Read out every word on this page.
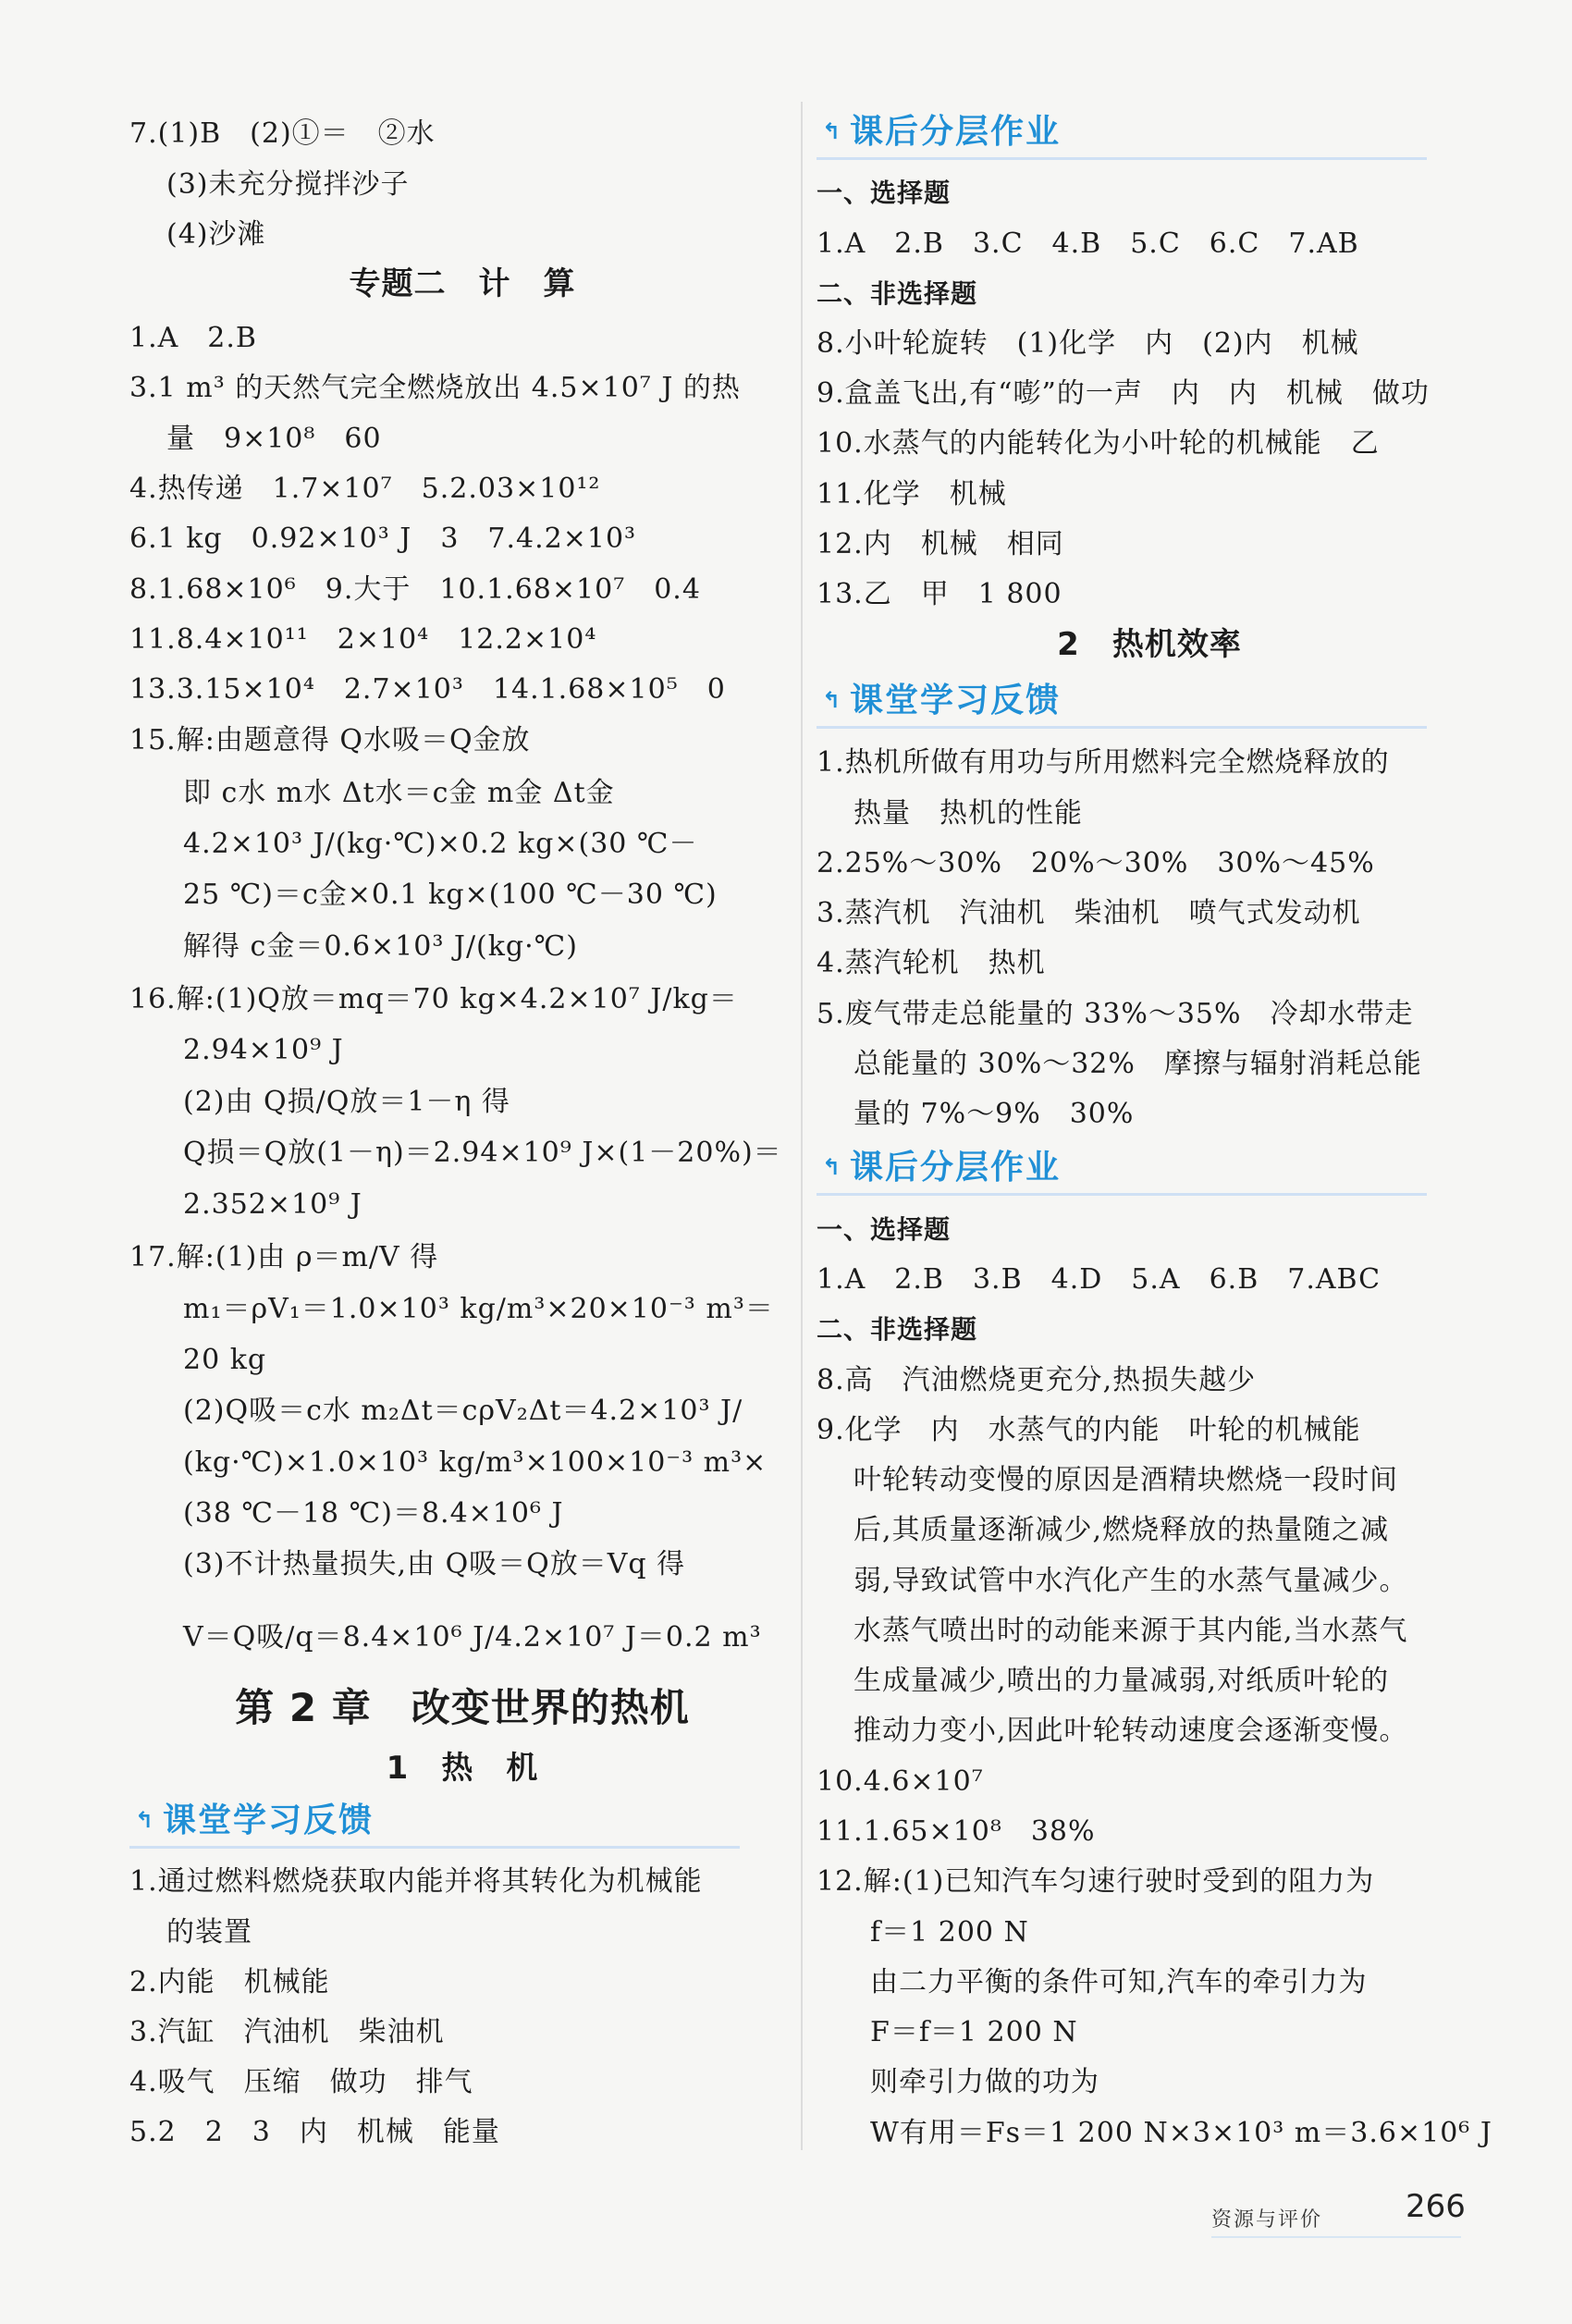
7.(1)B　(2)①＝　②水
(3)未充分搅拌沙子
(4)沙滩
专题二　计　算
1.A　2.B
3.1 m³ 的天然气完全燃烧放出 4.5×10⁷ J 的热
量　9×10⁸　60
4.热传递　1.7×10⁷　5.2.03×10¹²
6.1 kg　0.92×10³ J　3　7.4.2×10³
8.1.68×10⁶　9.大于　10.1.68×10⁷　0.4
11.8.4×10¹¹　2×10⁴　12.2×10⁴
13.3.15×10⁴　2.7×10³　14.1.68×10⁵　0
15.解:由题意得 Q水吸＝Q金放
即 c水 m水 Δt水＝c金 m金 Δt金
4.2×10³ J/(kg·℃)×0.2 kg×(30 ℃－
25 ℃)＝c金×0.1 kg×(100 ℃－30 ℃)
解得 c金＝0.6×10³ J/(kg·℃)
16.解:(1)Q放＝mq＝70 kg×4.2×10⁷ J/kg＝
2.94×10⁹ J
(2)由 Q损/Q放＝1－η 得
Q损＝Q放(1－η)＝2.94×10⁹ J×(1－20%)＝
2.352×10⁹ J
17.解:(1)由 ρ＝m/V 得
m₁＝ρV₁＝1.0×10³ kg/m³×20×10⁻³ m³＝
20 kg
(2)Q吸＝c水 m₂Δt＝cρV₂Δt＝4.2×10³ J/
(kg·℃)×1.0×10³ kg/m³×100×10⁻³ m³×
(38 ℃－18 ℃)＝8.4×10⁶ J
(3)不计热量损失,由 Q吸＝Q放＝Vq 得
V＝Q吸/q＝8.4×10⁶ J/4.2×10⁷ J＝0.2 m³
第 2 章　改变世界的热机
1　热　机
↰ 课堂学习反馈
1.通过燃料燃烧获取内能并将其转化为机械能
的装置
2.内能　机械能
3.汽缸　汽油机　柴油机
4.吸气　压缩　做功　排气
5.2　2　3　内　机械　能量
↰ 课后分层作业
一、选择题
1.A　2.B　3.C　4.B　5.C　6.C　7.AB
二、非选择题
8.小叶轮旋转　(1)化学　内　(2)内　机械
9.盒盖飞出,有“嘭”的一声　内　内　机械　做功
10.水蒸气的内能转化为小叶轮的机械能　乙
11.化学　机械
12.内　机械　相同
13.乙　甲　1 800
2　热机效率
↰ 课堂学习反馈
1.热机所做有用功与所用燃料完全燃烧释放的
热量　热机的性能
2.25%～30%　20%～30%　30%～45%
3.蒸汽机　汽油机　柴油机　喷气式发动机
4.蒸汽轮机　热机
5.废气带走总能量的 33%～35%　冷却水带走
总能量的 30%～32%　摩擦与辐射消耗总能
量的 7%～9%　30%
↰ 课后分层作业
一、选择题
1.A　2.B　3.B　4.D　5.A　6.B　7.ABC
二、非选择题
8.高　汽油燃烧更充分,热损失越少
9.化学　内　水蒸气的内能　叶轮的机械能
叶轮转动变慢的原因是酒精块燃烧一段时间
后,其质量逐渐减少,燃烧释放的热量随之减
弱,导致试管中水汽化产生的水蒸气量减少。
水蒸气喷出时的动能来源于其内能,当水蒸气
生成量减少,喷出的力量减弱,对纸质叶轮的
推动力变小,因此叶轮转动速度会逐渐变慢。
10.4.6×10⁷
11.1.65×10⁸　38%
12.解:(1)已知汽车匀速行驶时受到的阻力为
f＝1 200 N
由二力平衡的条件可知,汽车的牵引力为
F＝f＝1 200 N
则牵引力做的功为
W有用＝Fs＝1 200 N×3×10³ m＝3.6×10⁶ J
资源与评价	266
